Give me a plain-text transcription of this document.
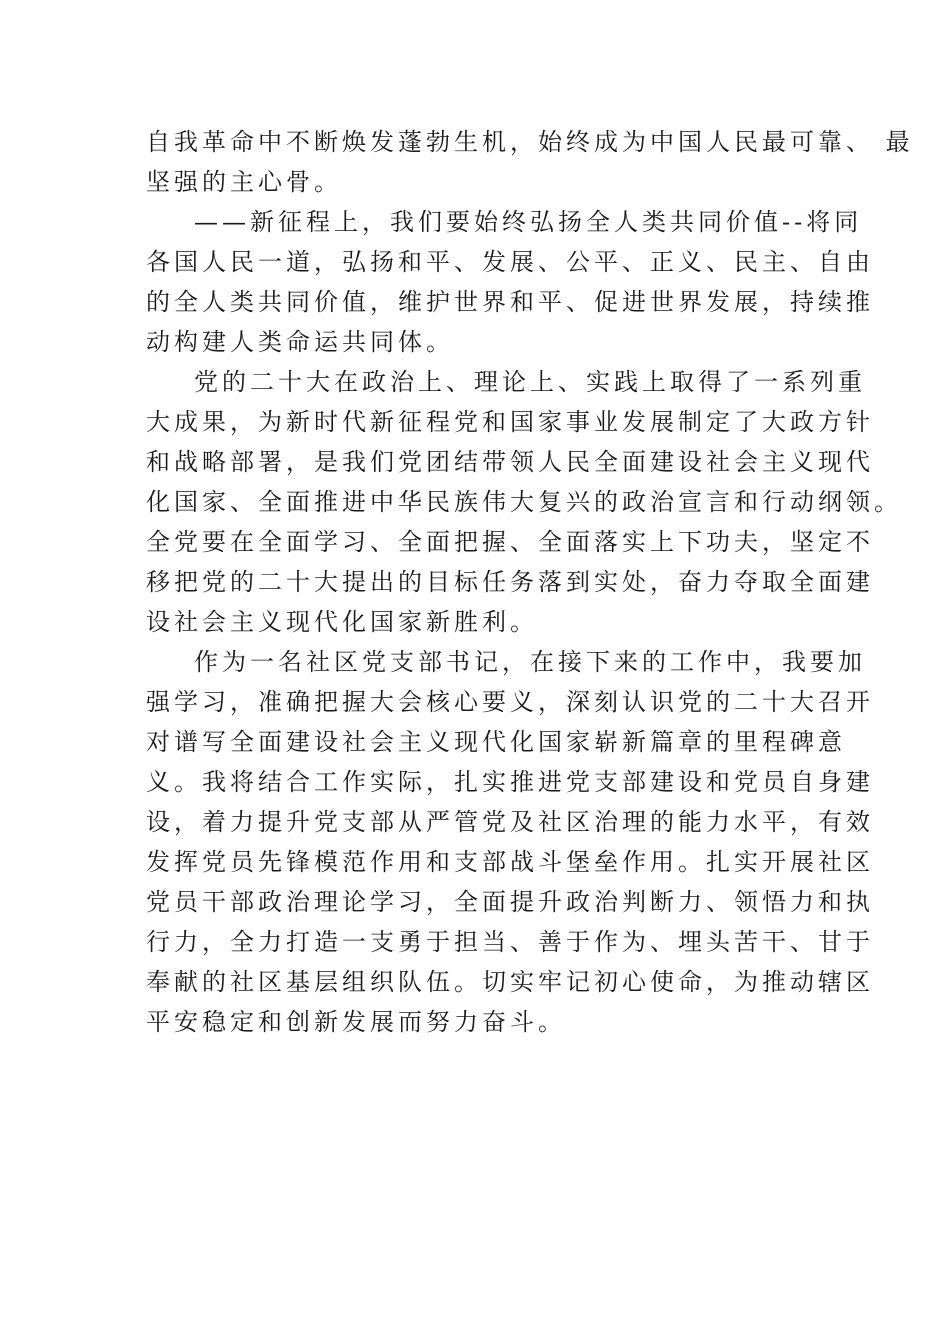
自我革命中不断焕发蓬勃生机，始终成为中国人民最可靠、 最
坚强的主心骨。
——新征程上，我们要始终弘扬全人类共同价值--将同
各国人民一道，弘扬和平、发展、公平、正义、民主、自由
的全人类共同价值，维护世界和平、促进世界发展，持续推
动构建人类命运共同体。
党的二十大在政治上、理论上、实践上取得了一系列重
大成果，为新时代新征程党和国家事业发展制定了大政方针
和战略部署，是我们党团结带领人民全面建设社会主义现代
化国家、全面推进中华民族伟大复兴的政治宣言和行动纲领。
全党要在全面学习、全面把握、全面落实上下功夫，坚定不
移把党的二十大提出的目标任务落到实处，奋力夺取全面建
设社会主义现代化国家新胜利。
作为一名社区党支部书记，在接下来的工作中，我要加
强学习，准确把握大会核心要义，深刻认识党的二十大召开
对谱写全面建设社会主义现代化国家崭新篇章的里程碑意
义。我将结合工作实际，扎实推进党支部建设和党员自身建
设，着力提升党支部从严管党及社区治理的能力水平，有效
发挥党员先锋模范作用和支部战斗堡垒作用。扎实开展社区
党员干部政治理论学习，全面提升政治判断力、领悟力和执
行力，全力打造一支勇于担当、善于作为、埋头苦干、甘于
奉献的社区基层组织队伍。切实牢记初心使命，为推动辖区
平安稳定和创新发展而努力奋斗。
